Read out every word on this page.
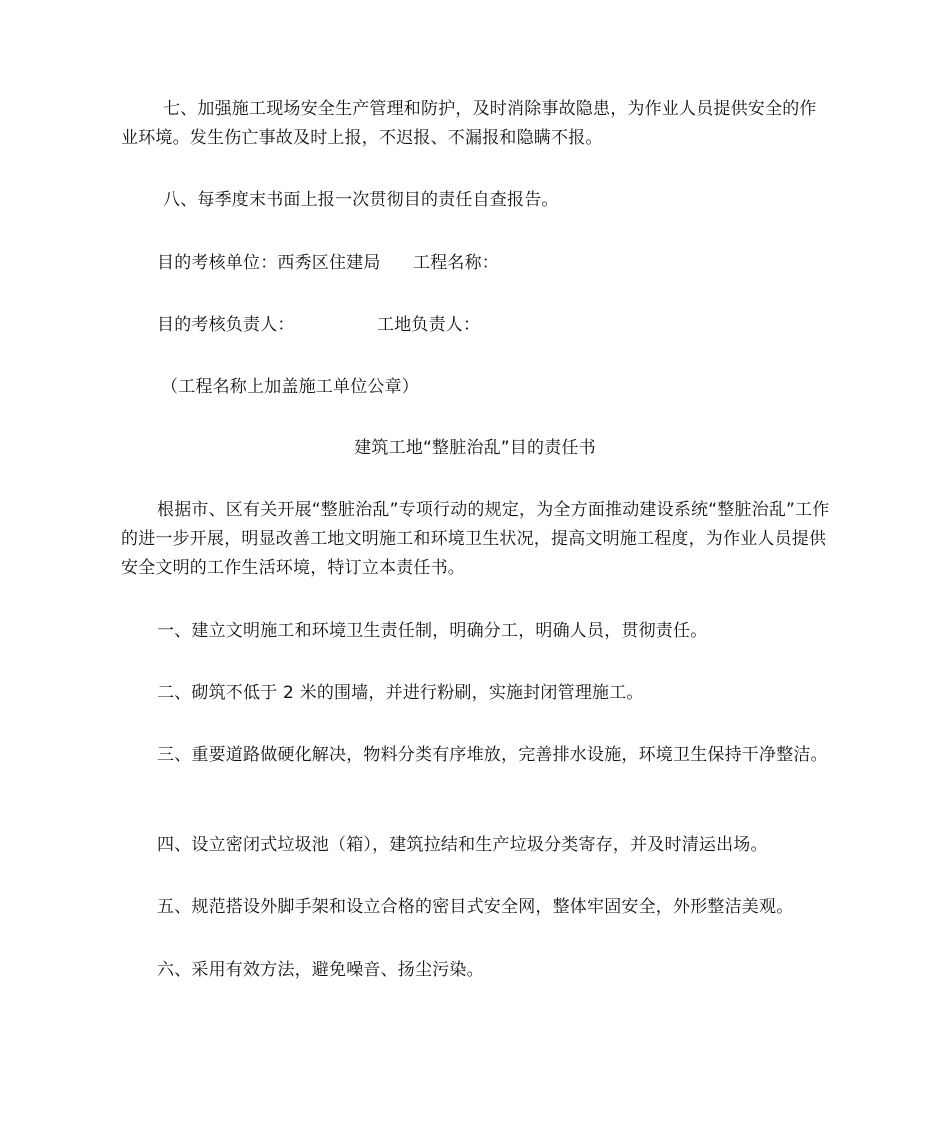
七、加强施工现场安全生产管理和防护，及时消除事故隐患，为作业人员提供安全的作业环境。发生伤亡事故及时上报，不迟报、不漏报和隐瞒不报。
八、每季度末书面上报一次贯彻目的责任自查报告。
目的考核单位：西秀区住建局 工程名称：
目的考核负责人：	工地负责人：
（工程名称上加盖施工单位公章）
建筑工地“整脏治乱”目的责任书
根据市、区有关开展“整脏治乱”专项行动的规定，为全方面推动建设系统“整脏治乱”工作的进一步开展，明显改善工地文明施工和环境卫生状况，提高文明施工程度，为作业人员提供安全文明的工作生活环境，特订立本责任书。
一、建立文明施工和环境卫生责任制，明确分工，明确人员，贯彻责任。
二、砌筑不低于 2 米的围墙，并进行粉刷，实施封闭管理施工。
三、重要道路做硬化解决，物料分类有序堆放，完善排水设施，环境卫生保持干净整洁。
四、设立密闭式垃圾池（箱），建筑拉结和生产垃圾分类寄存，并及时清运出场。
五、规范搭设外脚手架和设立合格的密目式安全网，整体牢固安全，外形整洁美观。
六、采用有效方法，避免噪音、扬尘污染。
